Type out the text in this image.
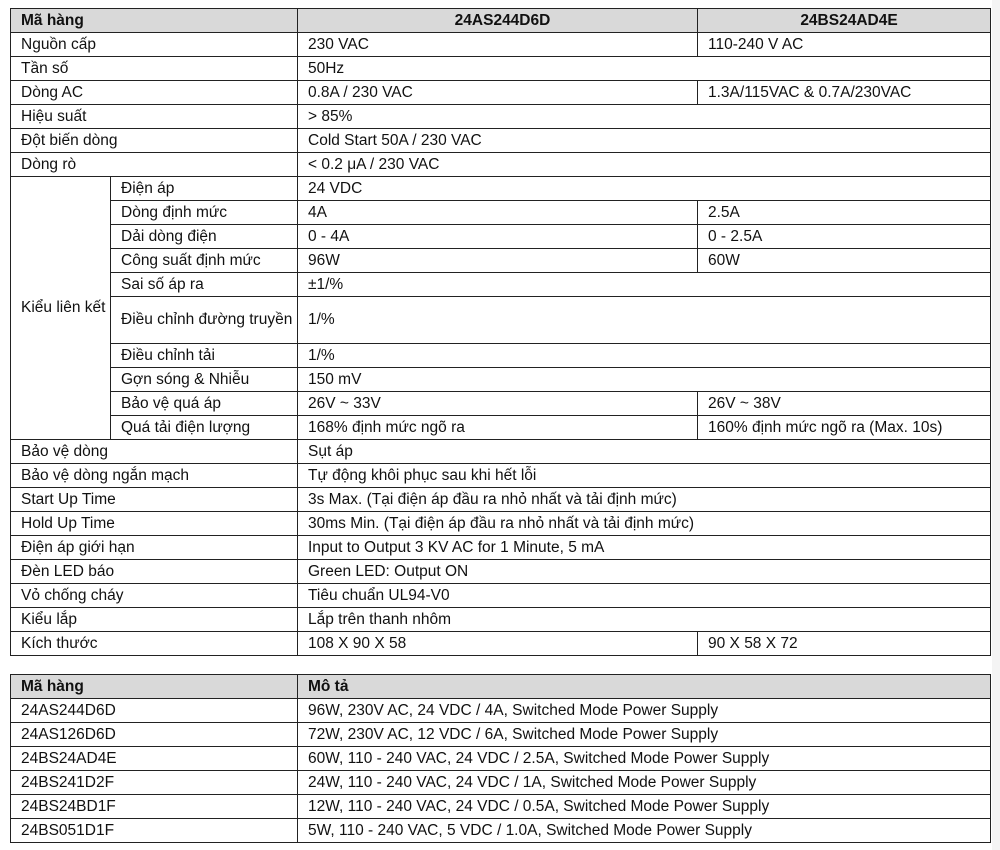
Mã hàng		24AS244D6D	24BS24AD4E
Nguồn cấp		230 VAC	110-240 V AC
Tần số		50Hz	
Dòng AC		0.8A / 230 VAC	1.3A/115VAC & 0.7A/230VAC
Hiệu suất		> 85%	
Đột biến dòng		Cold Start 50A / 230 VAC	
Dòng rò		< 0.2 μA / 230 VAC	
Kiểu liên kết	Điện áp	24 VDC	
	Dòng định mức	4A	2.5A
	Dải dòng điện	0 - 4A	0 - 2.5A
	Công suất định mức	96W	60W
	Sai số áp ra	±1/%	
	Điều chỉnh đường truyền	1/%	
	Điều chỉnh tải	1/%	
	Gợn sóng & Nhiễu	150 mV	
	Bảo vệ quá áp	26V ~ 33V	26V ~ 38V
	Quá tải điện lượng	168% định mức ngõ ra	160% định mức ngõ ra (Max. 10s)
Bảo vệ dòng		Sụt áp	
Bảo vệ dòng ngắn mạch		Tự động khôi phục sau khi hết lỗi	
Start Up Time		3s Max. (Tại điện áp đầu ra nhỏ nhất và tải định mức)	
Hold Up Time		30ms Min. (Tại điện áp đầu ra nhỏ nhất và tải định mức)	
Điện áp giới hạn		Input to Output 3 KV AC for 1 Minute, 5 mA	
Đèn LED báo		Green LED: Output ON	
Vỏ chống cháy		Tiêu chuẩn UL94-V0	
Kiểu lắp		Lắp trên thanh nhôm	
Kích thước		108 X 90 X 58	90 X 58 X 72
Mã hàng	Mô tả
24AS244D6D	96W, 230V AC, 24 VDC / 4A, Switched Mode Power Supply
24AS126D6D	72W, 230V AC, 12 VDC / 6A, Switched Mode Power Supply
24BS24AD4E	60W, 110 - 240 VAC, 24 VDC / 2.5A, Switched Mode Power Supply
24BS241D2F	24W, 110 - 240 VAC, 24 VDC / 1A, Switched Mode Power Supply
24BS24BD1F	12W, 110 - 240 VAC, 24 VDC / 0.5A, Switched Mode Power Supply
24BS051D1F	5W, 110 - 240 VAC, 5 VDC / 1.0A, Switched Mode Power Supply
